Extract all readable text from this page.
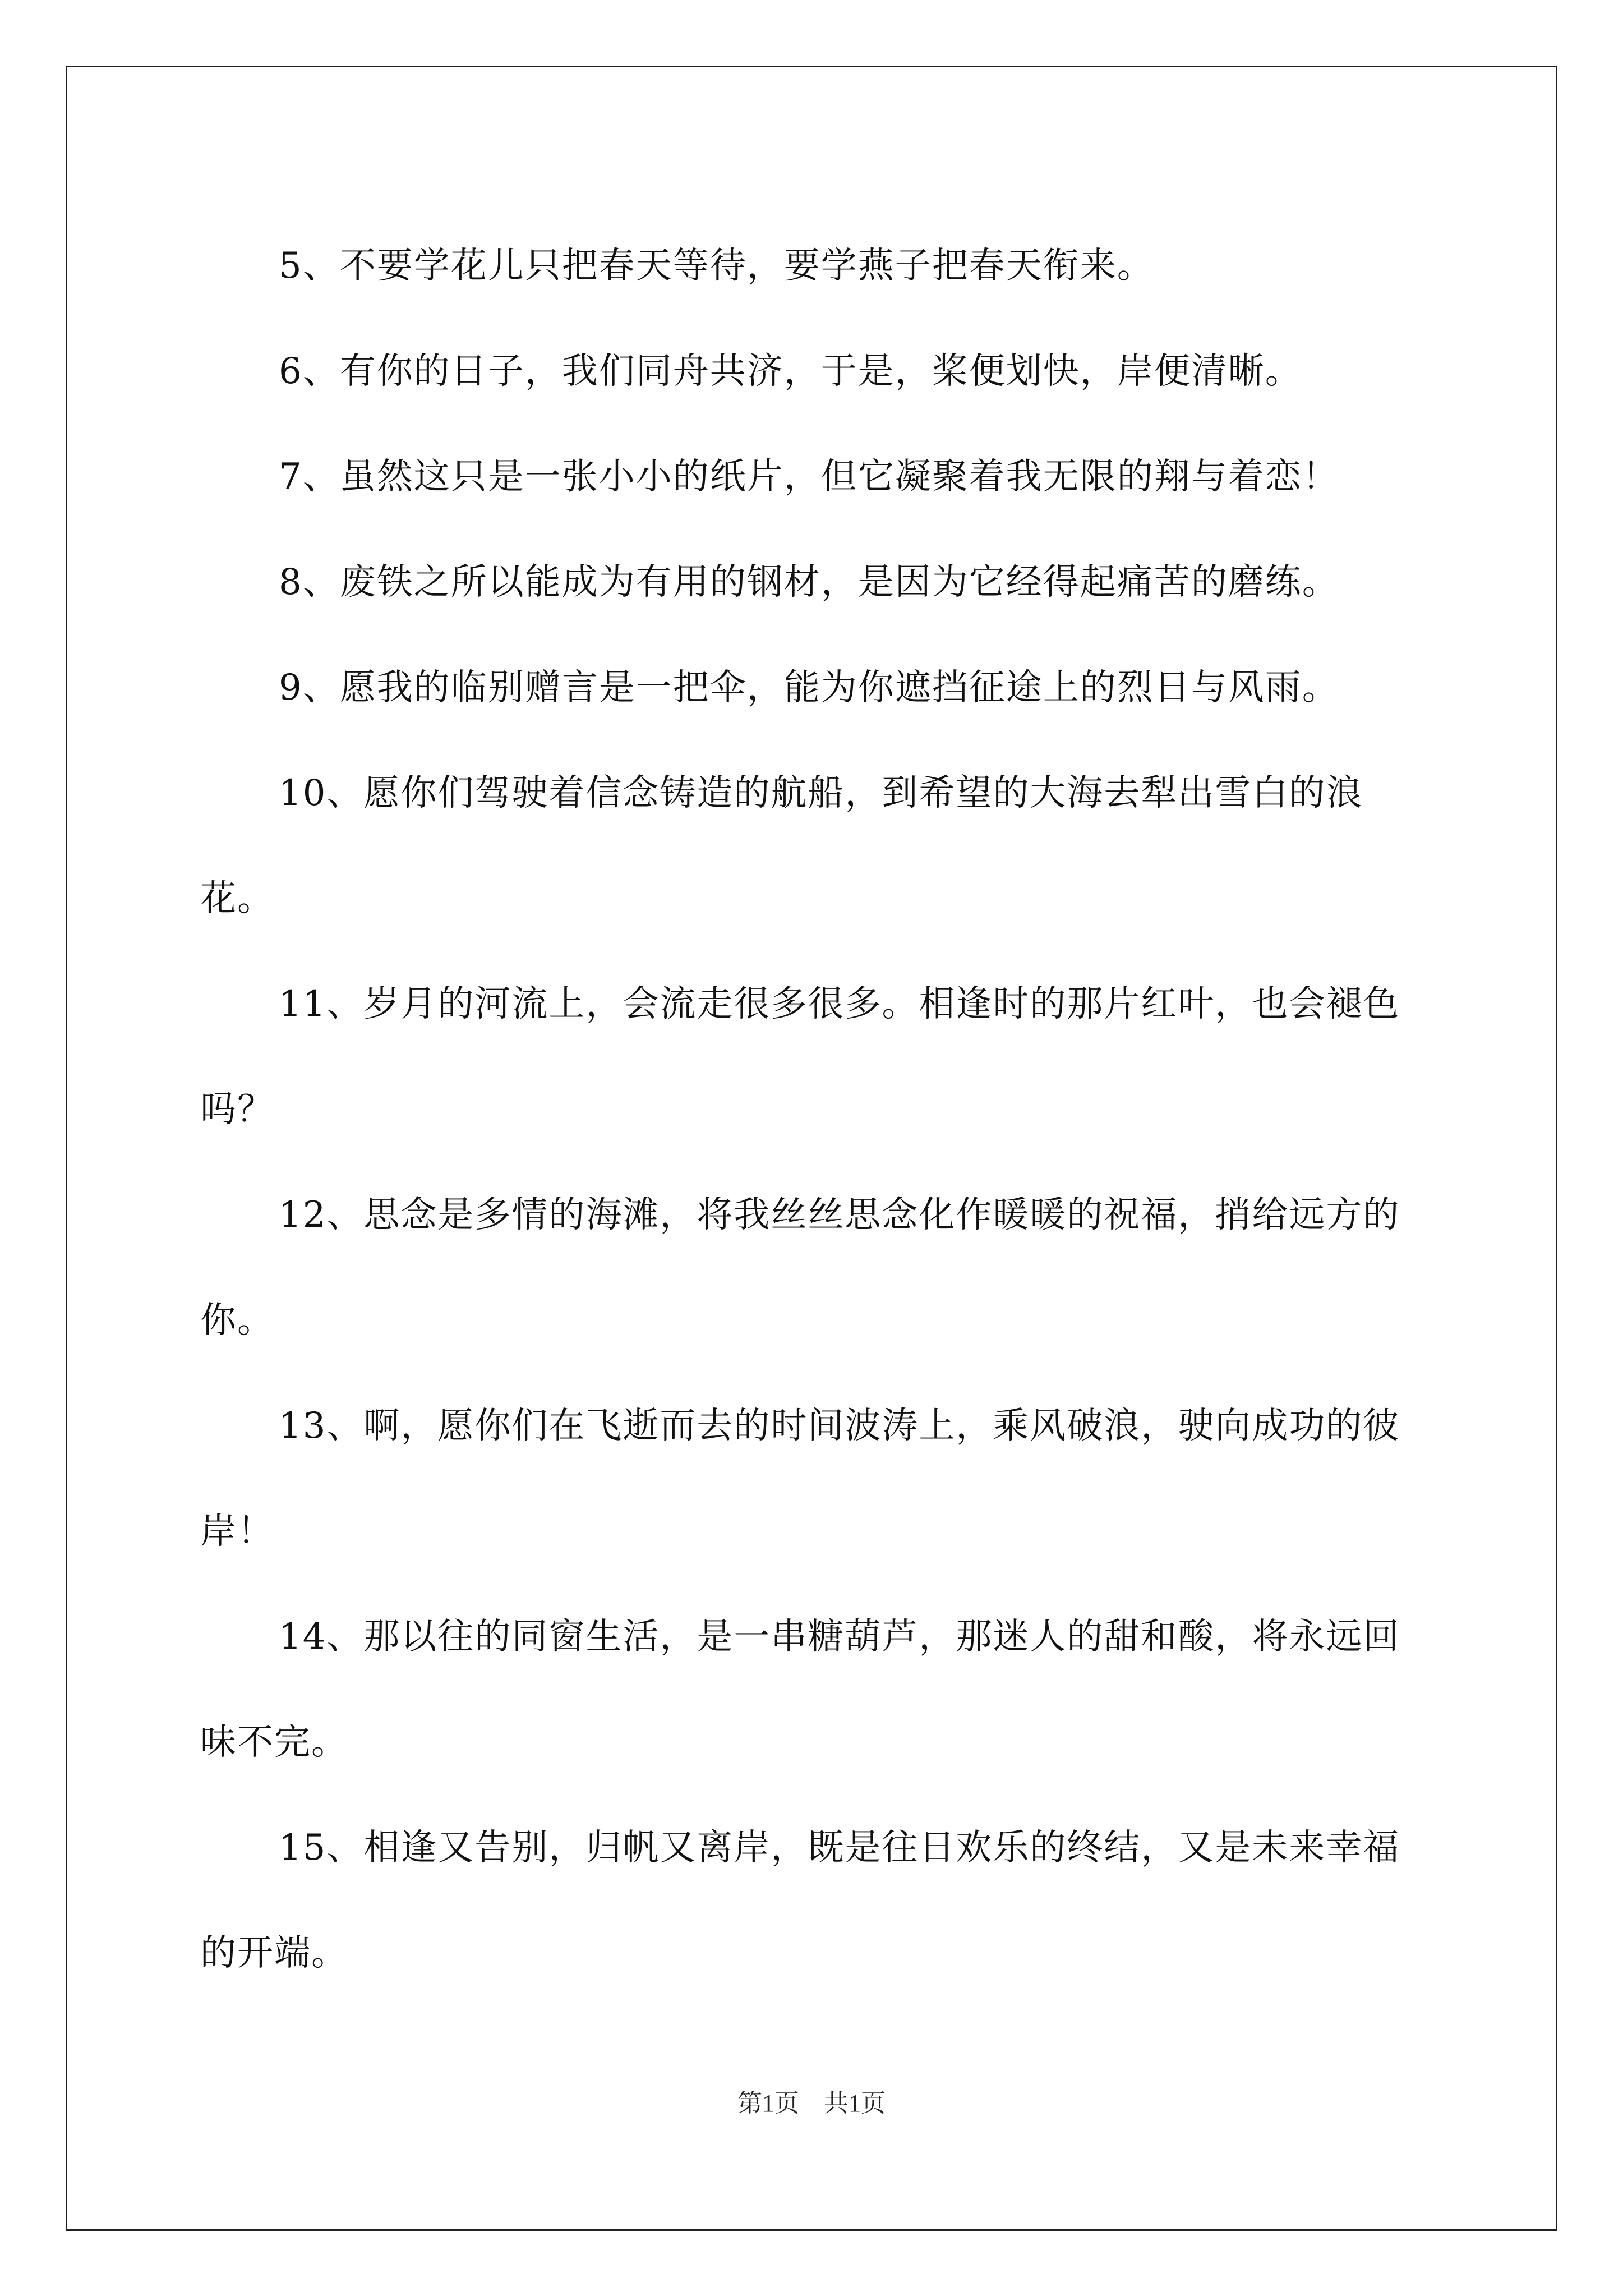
5、不要学花儿只把春天等待，要学燕子把春天衔来。

6、有你的日子，我们同舟共济，于是，桨便划快，岸便清晰。

7、虽然这只是一张小小的纸片，但它凝聚着我无限的翔与着恋！

8、废铁之所以能成为有用的钢材，是因为它经得起痛苦的磨练。

9、愿我的临别赠言是一把伞，能为你遮挡征途上的烈日与风雨。

10、愿你们驾驶着信念铸造的航船，到希望的大海去犁出雪白的浪花。

11、岁月的河流上，会流走很多很多。相逢时的那片红叶，也会褪色吗？

12、思念是多情的海滩，将我丝丝思念化作暖暖的祝福，捎给远方的你。

13、啊，愿你们在飞逝而去的时间波涛上，乘风破浪，驶向成功的彼岸！

14、那以往的同窗生活，是一串糖葫芦，那迷人的甜和酸，将永远回味不完。

15、相逢又告别，归帆又离岸，既是往日欢乐的终结，又是未来幸福的开端。

第1页　共1页
